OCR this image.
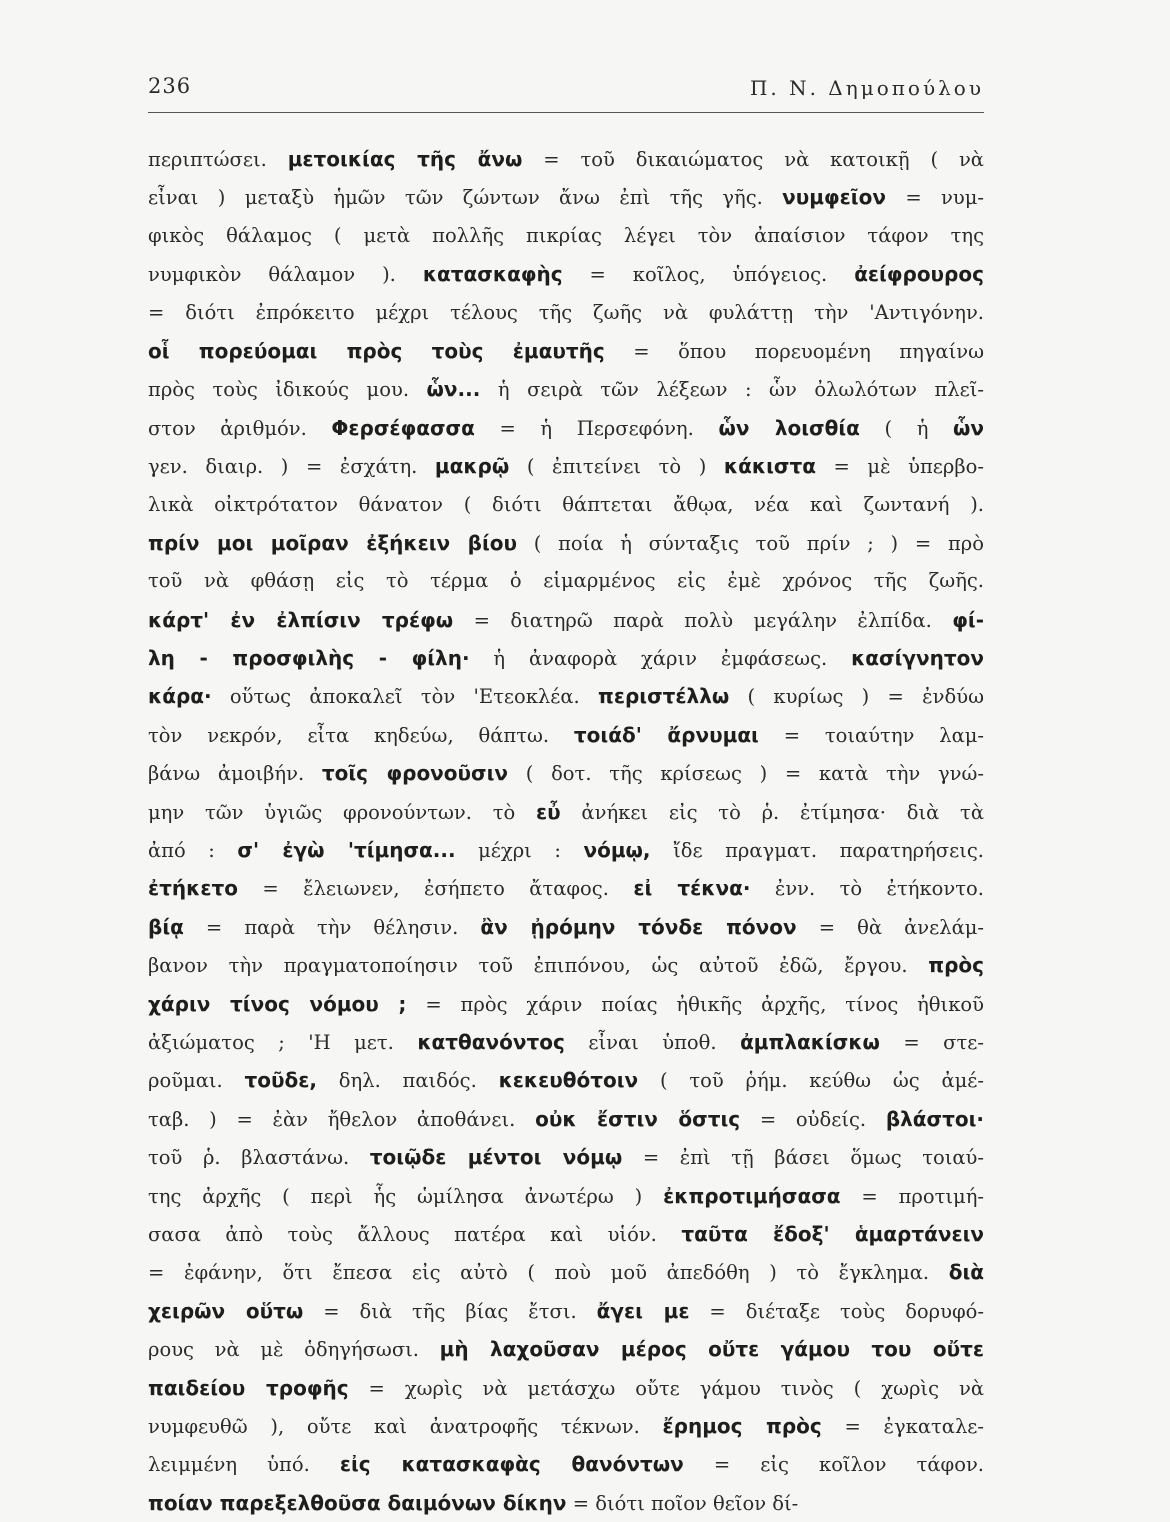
236	Π. Ν. Δημοπούλου
περιπτώσει. μετοικίας τῆς ἄνω = τοῦ δικαιώματος νὰ κατοικῇ ( νὰ
εἶναι ) μεταξὺ ἡμῶν τῶν ζώντων ἄνω ἐπὶ τῆς γῆς. νυμφεῖον = νυμ-
φικὸς θάλαμος ( μετὰ πολλῆς πικρίας λέγει τὸν ἀπαίσιον τάφον της
νυμφικὸν θάλαμον ). κατασκαφὴς = κοῖλος, ὑπόγειος. ἀείφρουρος
= διότι ἐπρόκειτο μέχρι τέλους τῆς ζωῆς νὰ φυλάττῃ τὴν 'Αντιγόνην.
οἷ πορεύομαι πρὸς τοὺς ἐμαυτῆς = ὅπου πορευομένη πηγαίνω
πρὸς τοὺς ἰδικούς μου. ὧν... ἡ σειρὰ τῶν λέξεων : ὧν ὀλωλότων πλεῖ-
στον ἀριθμόν. Φερσέφασσα = ἡ Περσεφόνη. ὧν λοισθία ( ἡ ὧν
γεν. διαιρ. ) = ἐσχάτη. μακρῷ ( ἐπιτείνει τὸ ) κάκιστα = μὲ ὑπερβο-
λικὰ οἰκτρότατον θάνατον ( διότι θάπτεται ἄθῳα, νέα καὶ ζωντανή ).
πρίν μοι μοῖραν ἐξήκειν βίου ( ποία ἡ σύνταξις τοῦ πρίν ; ) = πρὸ
τοῦ νὰ φθάσῃ εἰς τὸ τέρμα ὁ εἱμαρμένος εἰς ἐμὲ χρόνος τῆς ζωῆς.
κάρτ' ἐν ἐλπίσιν τρέφω = διατηρῶ παρὰ πολὺ μεγάλην ἐλπίδα. φί-
λη - προσφιλὴς - φίλη· ἡ ἀναφορὰ χάριν ἐμφάσεως. κασίγνητον
κάρα· οὕτως ἀποκαλεῖ τὸν 'Ετεοκλέα. περιστέλλω ( κυρίως ) = ἐνδύω
τὸν νεκρόν, εἶτα κηδεύω, θάπτω. τοιάδ' ἄρνυμαι = τοιαύτην λαμ-
βάνω ἀμοιβήν. τοῖς φρονοῦσιν ( δοτ. τῆς κρίσεως ) = κατὰ τὴν γνώ-
μην τῶν ὑγιῶς φρονούντων. τὸ εὖ ἀνήκει εἰς τὸ ῥ. ἐτίμησα· διὰ τὰ
ἀπό : σ' ἐγὼ 'τίμησα... μέχρι : νόμῳ, ἴδε πραγματ. παρατηρήσεις.
ἐτήκετο = ἔλειωνεν, ἐσήπετο ἄταφος. εἰ τέκνα· ἐνν. τὸ ἐτήκοντο.
βίᾳ = παρὰ τὴν θέλησιν. ἂν ᾐρόμην τόνδε πόνον = θὰ ἀνελάμ-
βανον τὴν πραγματοποίησιν τοῦ ἐπιπόνου, ὡς αὐτοῦ ἐδῶ, ἔργου. πρὸς
χάριν τίνος νόμου ; = πρὸς χάριν ποίας ἠθικῆς ἀρχῆς, τίνος ἠθικοῦ
ἀξιώματος ; 'Η μετ. κατθανόντος εἶναι ὑποθ. ἀμπλακίσκω = στε-
ροῦμαι. τοῦδε, δηλ. παιδός. κεκευθότοιν ( τοῦ ῥήμ. κεύθω ὡς ἀμέ-
ταβ. ) = ἐὰν ἤθελον ἀποθάνει. οὐκ ἔστιν ὅστις = οὐδείς. βλάστοι·
τοῦ ῥ. βλαστάνω. τοιῷδε μέντοι νόμῳ = ἐπὶ τῇ βάσει ὅμως τοιαύ-
της ἀρχῆς ( περὶ ἧς ὡμίλησα ἀνωτέρω ) ἐκπροτιμήσασα = προτιμή-
σασα ἀπὸ τοὺς ἄλλους πατέρα καὶ υἱόν. ταῦτα ἔδοξ' ἁμαρτάνειν
= ἐφάνην, ὅτι ἔπεσα εἰς αὐτὸ ( ποὺ μοῦ ἀπεδόθη ) τὸ ἔγκλημα. διὰ
χειρῶν οὕτω = διὰ τῆς βίας ἔτσι. ἄγει με = διέταξε τοὺς δορυφό-
ρους νὰ μὲ ὁδηγήσωσι. μὴ λαχοῦσαν μέρος οὔτε γάμου του οὔτε
παιδείου τροφῆς = χωρὶς νὰ μετάσχω οὔτε γάμου τινὸς ( χωρὶς νὰ
νυμφευθῶ ), οὔτε καὶ ἀνατροφῆς τέκνων. ἔρημος πρὸς = ἐγκαταλε-
λειμμένη ὑπό. εἰς κατασκαφὰς θανόντων = εἰς κοῖλον τάφον.
ποίαν παρεξελθοῦσα δαιμόνων δίκην = διότι ποῖον θεῖον δί-
